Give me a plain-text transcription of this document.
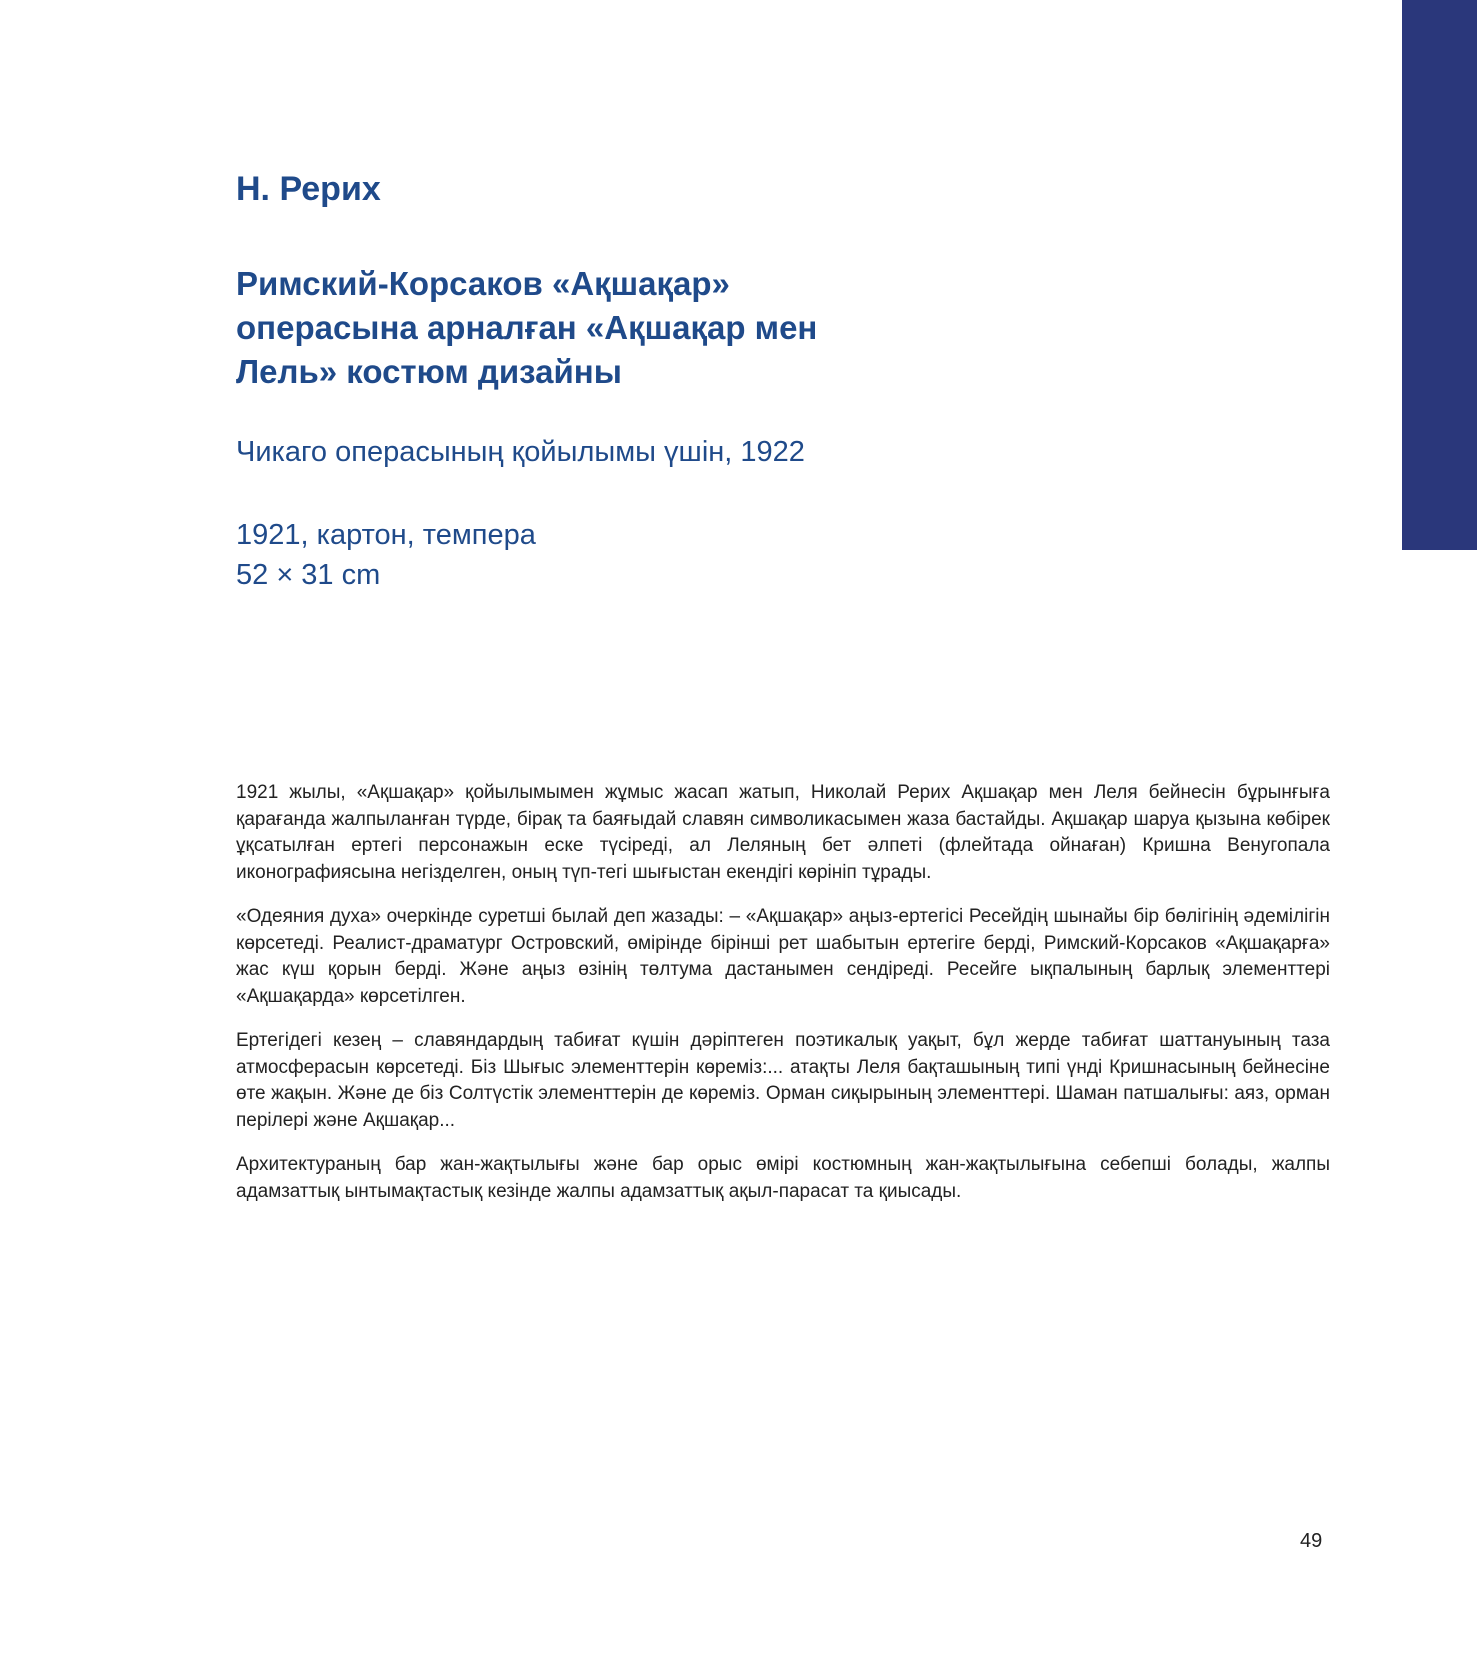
Н. Рерих
Римский-Корсаков «Ақшақар» операсына арналған «Ақшақар мен Лель» костюм дизайны
Чикаго операсының қойылымы үшін, 1922
1921, картон, темпера
52 × 31 cm

1921 жылы, «Ақшақар» қойылымымен жұмыс жасап жатып, Николай Рерих Ақшақар мен Леля бейнесін бұрынғыға қарағанда жалпыланған түрде, бірақ та баяғыдай славян символикасымен жаза бастайды. Ақшақар шаруа қызына көбірек ұқсатылған ертегі персонажын еске түсіреді, ал Леляның бет әлпеті (флейтада ойнаған) Кришна Венугопала иконографиясына негізделген, оның түп-тегі шығыстан екендігі көрініп тұрады.

«Одеяния духа» очеркінде суретші былай деп жазады: – «Ақшақар» аңыз-ертегісі Ресейдің шынайы бір бөлігінің әдемілігін көрсетеді. Реалист-драматург Островский, өмірінде бірінші рет шабытын ертегіге берді, Римский-Корсаков «Ақшақарға» жас күш қорын берді. Және аңыз өзінің төлтума дастанымен сендіреді. Ресейге ықпалының барлық элементтері «Ақшақарда» көрсетілген.

Ертегідегі кезең – славяндардың табиғат күшін дәріптеген поэтикалық уақыт, бұл жерде табиғат шаттануының таза атмосферасын көрсетеді. Біз Шығыс элементтерін көреміз:... атақты Леля бақташының типі үнді Кришнасының бейнесіне өте жақын. Және де біз Солтүстік элементтерін де көреміз. Орман сиқырының элементтері. Шаман патшалығы: аяз, орман перілері және Ақшақар...

Архитектураның бар жан-жақтылығы және бар орыс өмірі костюмның жан-жақтылығына себепші болады, жалпы адамзаттық ынтымақтастық кезінде жалпы адамзаттық ақыл-парасат та қиысады.

49
